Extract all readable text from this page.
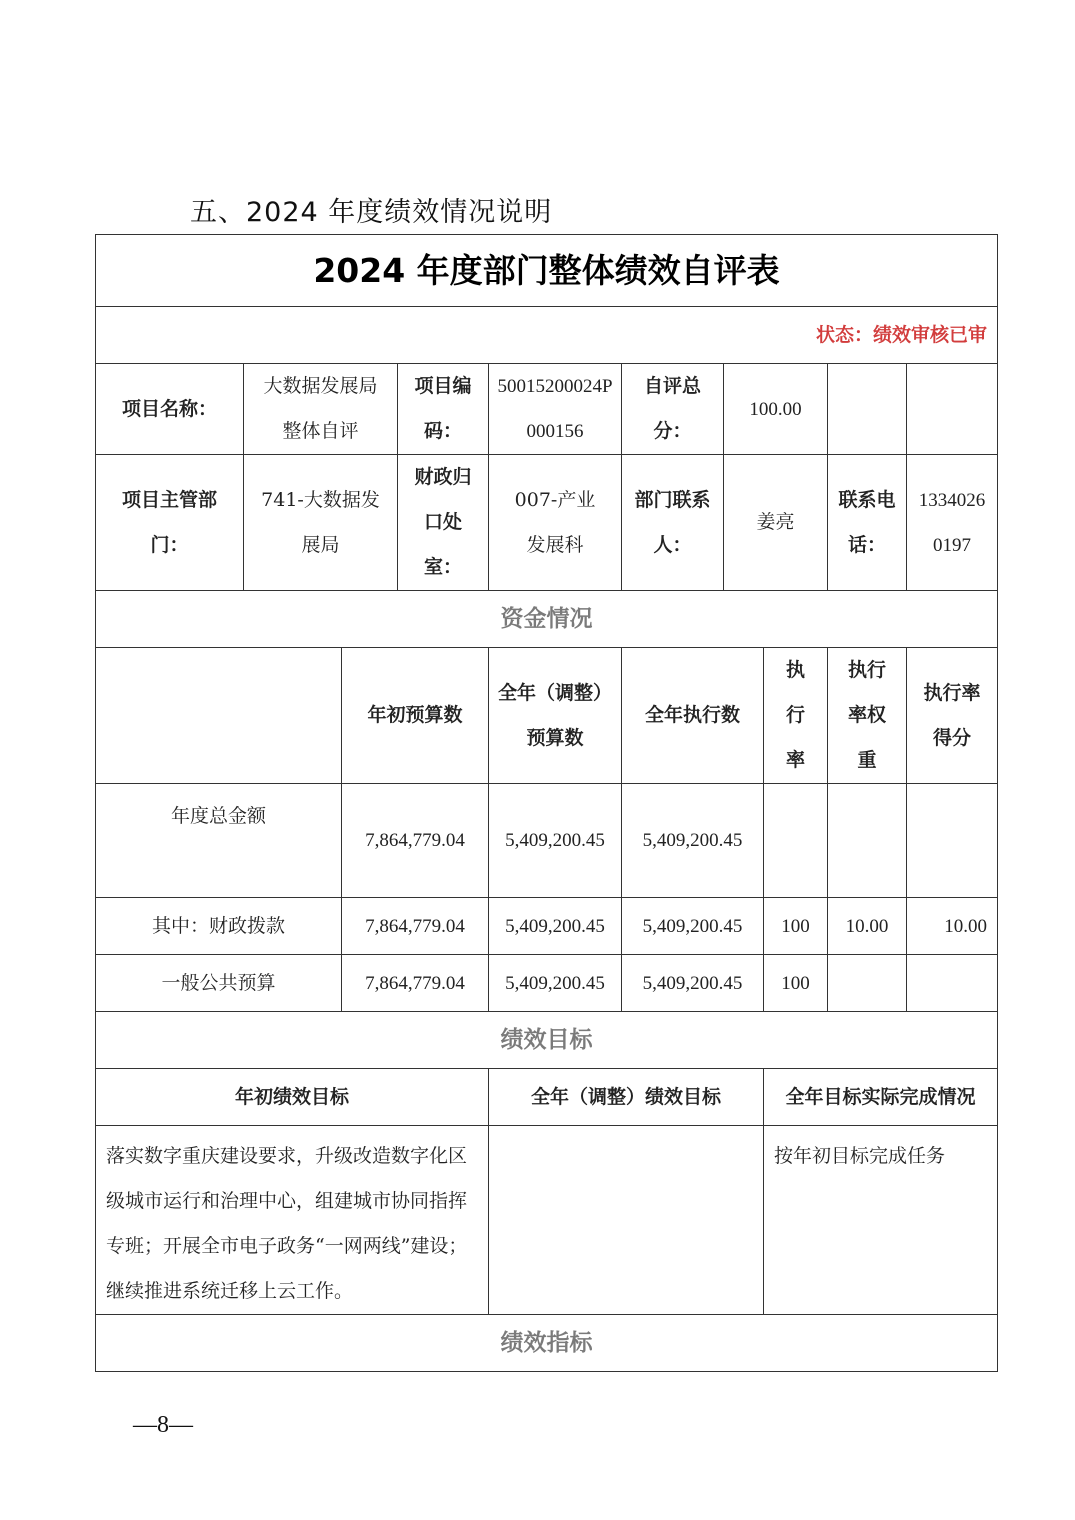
五、2024 年度绩效情况说明
2024 年度部门整体绩效自评表									
状态：绩效审核已审									
项目名称：	大数据发展局整体自评		项目编码：	50015200024P000156	自评总分：	100.00			
项目主管部门：	741-大数据发展局		财政归口处室：	007-产业发展科	部门联系人：	姜亮		联系电话：	13340260197
资金情况									
		年初预算数		全年（调整）预算数	全年执行数		执行率	执行率权重	执行率得分
年度总金额		7,864,779.04		5,409,200.45	5,409,200.45				
其中：财政拨款		7,864,779.04		5,409,200.45	5,409,200.45		100	10.00	10.00
一般公共预算		7,864,779.04		5,409,200.45	5,409,200.45		100		
绩效目标									
年初绩效目标				全年（调整）绩效目标			全年目标实际完成情况		
落实数字重庆建设要求，升级改造数字化区级城市运行和治理中心，组建城市协同指挥专班；开展全市电子政务“一网两线”建设；继续推进系统迁移上云工作。							按年初目标完成任务		
绩效指标									
—8—
